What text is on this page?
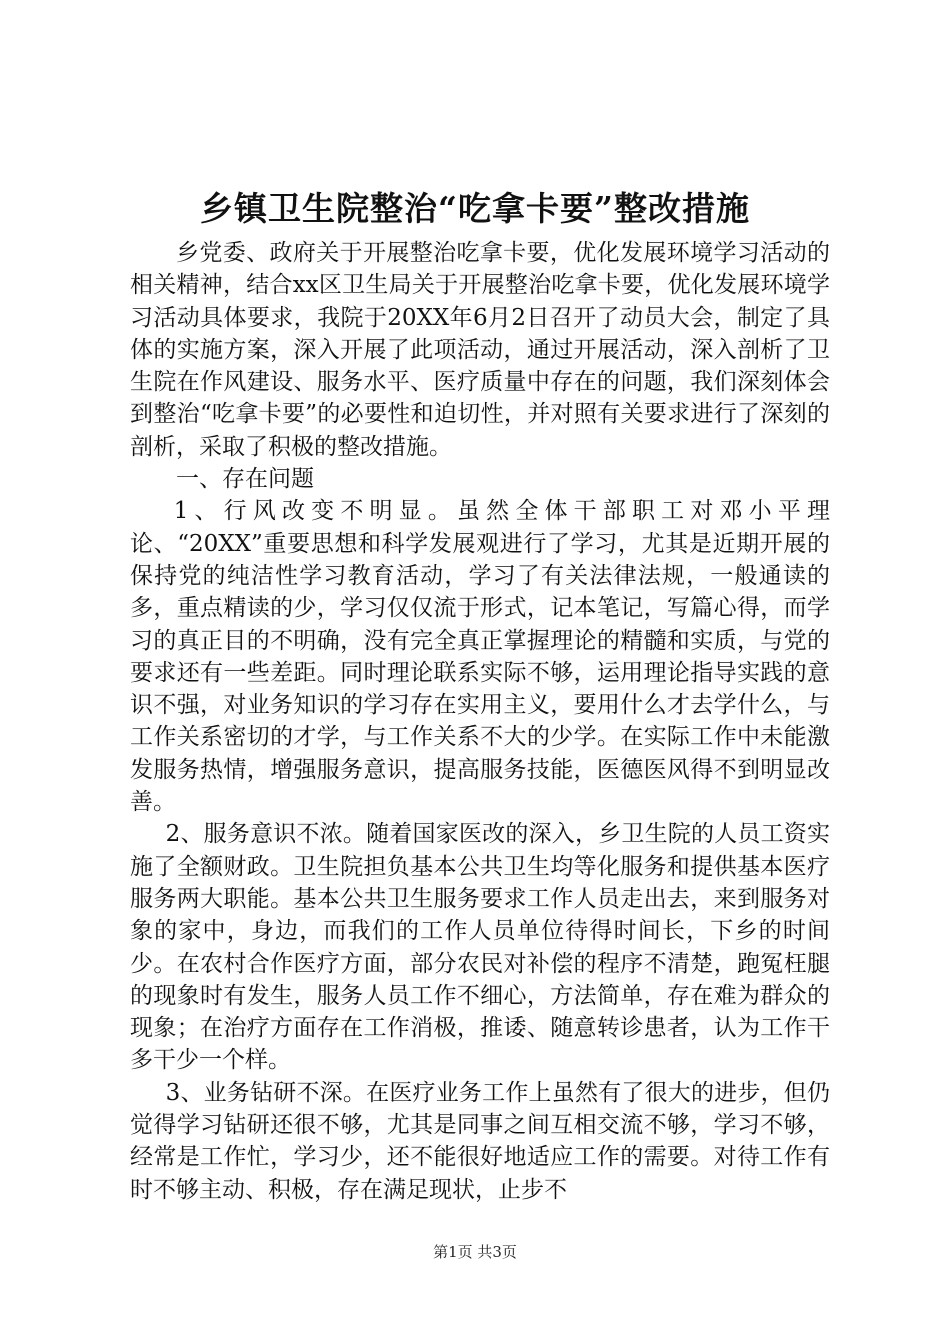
乡镇卫生院整治“吃拿卡要”整改措施

乡党委、政府关于开展整治吃拿卡要，优化发展环境学习活动的相关精神，结合xx区卫生局关于开展整治吃拿卡要，优化发展环境学习活动具体要求，我院于20XX年6月2日召开了动员大会，制定了具体的实施方案，深入开展了此项活动，通过开展活动，深入剖析了卫生院在作风建设、服务水平、医疗质量中存在的问题，我们深刻体会到整治“吃拿卡要”的必要性和迫切性，并对照有关要求进行了深刻的剖析，采取了积极的整改措施。

一、存在问题

1、行风改变不明显。虽然全体干部职工对邓小平理论、“20XX”重要思想和科学发展观进行了学习，尤其是近期开展的保持党的纯洁性学习教育活动，学习了有关法律法规，一般通读的多，重点精读的少，学习仅仅流于形式，记本笔记，写篇心得，而学习的真正目的不明确，没有完全真正掌握理论的精髓和实质，与党的要求还有一些差距。同时理论联系实际不够，运用理论指导实践的意识不强，对业务知识的学习存在实用主义，要用什么才去学什么，与工作关系密切的才学，与工作关系不大的少学。在实际工作中未能激发服务热情，增强服务意识，提高服务技能，医德医风得不到明显改善。

2、服务意识不浓。随着国家医改的深入，乡卫生院的人员工资实施了全额财政。卫生院担负基本公共卫生均等化服务和提供基本医疗服务两大职能。基本公共卫生服务要求工作人员走出去，来到服务对象的家中，身边，而我们的工作人员单位待得时间长，下乡的时间少。在农村合作医疗方面，部分农民对补偿的程序不清楚，跑冤枉腿的现象时有发生，服务人员工作不细心，方法简单，存在难为群众的现象；在治疗方面存在工作消极，推诿、随意转诊患者，认为工作干多干少一个样。

3、业务钻研不深。在医疗业务工作上虽然有了很大的进步，但仍觉得学习钻研还很不够，尤其是同事之间互相交流不够，学习不够，经常是工作忙，学习少，还不能很好地适应工作的需要。对待工作有时不够主动、积极，存在满足现状，止步不

第1页 共3页
